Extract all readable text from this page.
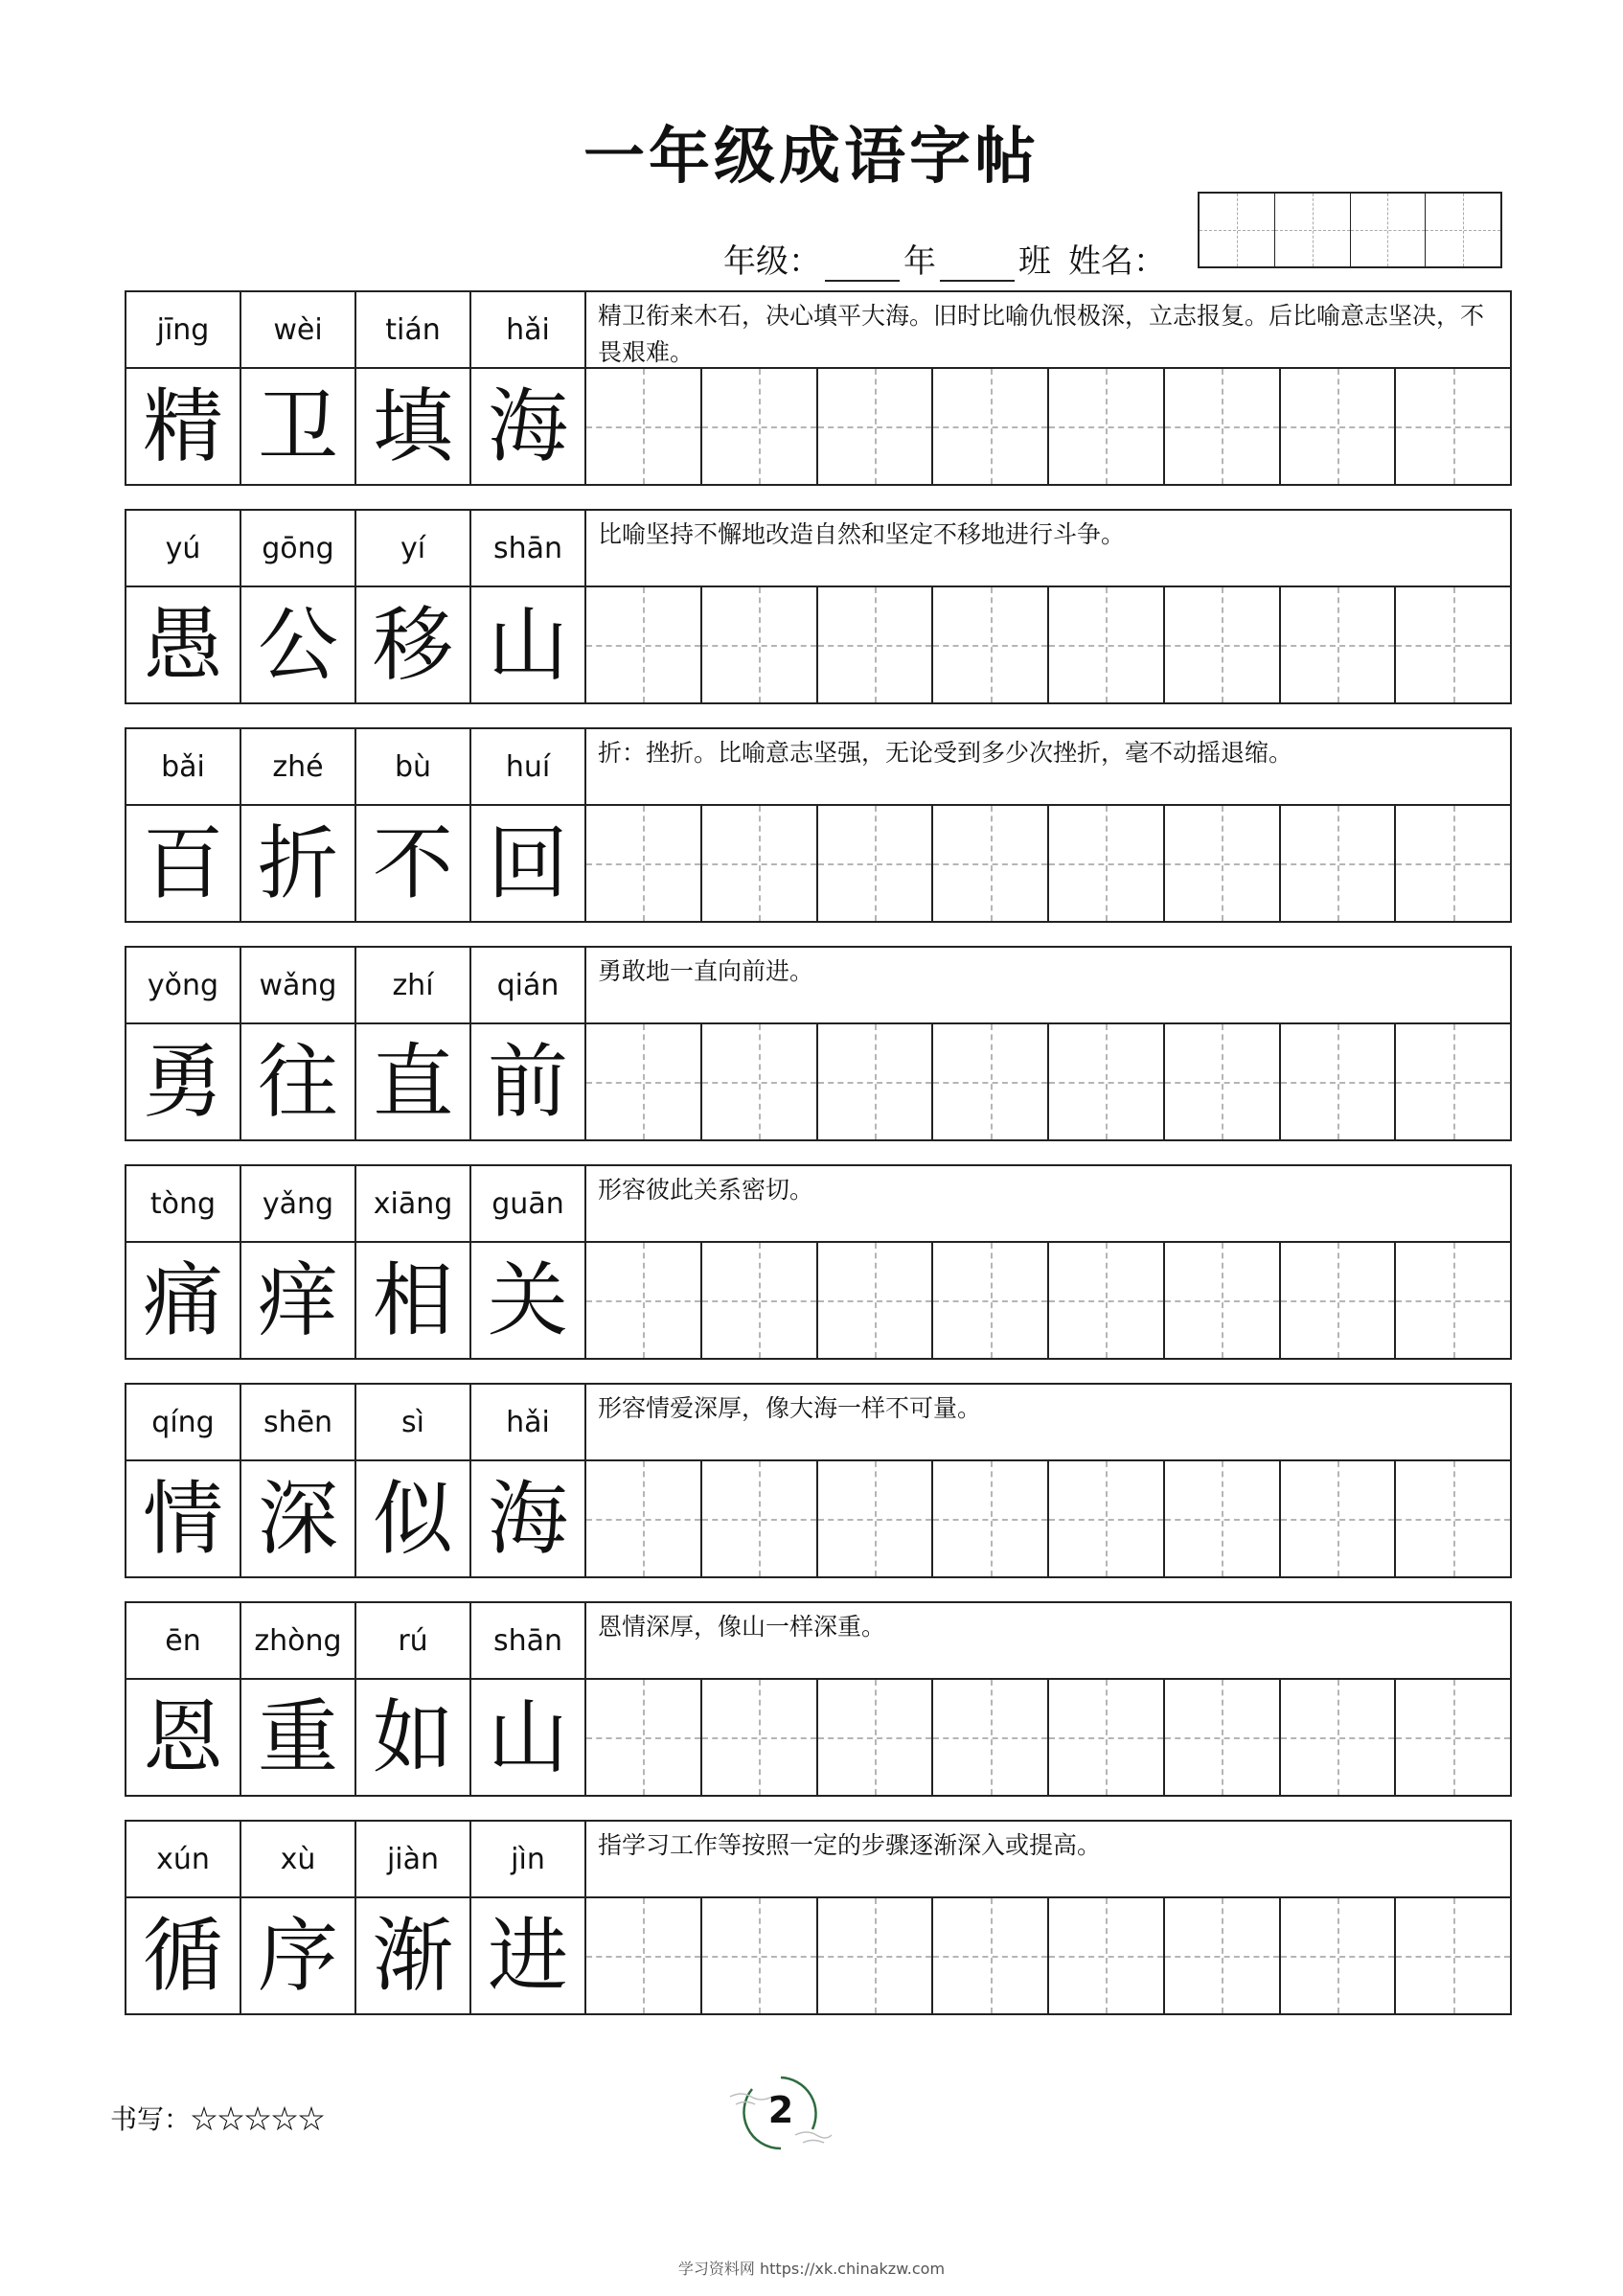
一年级成语字帖
年级：	年	班 姓名：
jīng	wèi	tián	hǎi	精卫衔来木石，决心填平大海。旧时比喻仇恨极深，立志报复。后比喻意志坚决，不畏艰难。
精 卫 填 海
yú	gōng	yí	shān	比喻坚持不懈地改造自然和坚定不移地进行斗争。
愚 公 移 山
bǎi	zhé	bù	huí	折：挫折。比喻意志坚强，无论受到多少次挫折，毫不动摇退缩。
百 折 不 回
yǒng	wǎng	zhí	qián	勇敢地一直向前进。
勇 往 直 前
tòng	yǎng	xiāng	guān	形容彼此关系密切。
痛 痒 相 关
qíng	shēn	sì	hǎi	形容情爱深厚，像大海一样不可量。
情 深 似 海
ēn	zhòng	rú	shān	恩情深厚，像山一样深重。
恩 重 如 山
xún	xù	jiàn	jìn	指学习工作等按照一定的步骤逐渐深入或提高。
循 序 渐 进
书写：☆☆☆☆☆	2
学习资料网 https://xk.chinakzw.com
